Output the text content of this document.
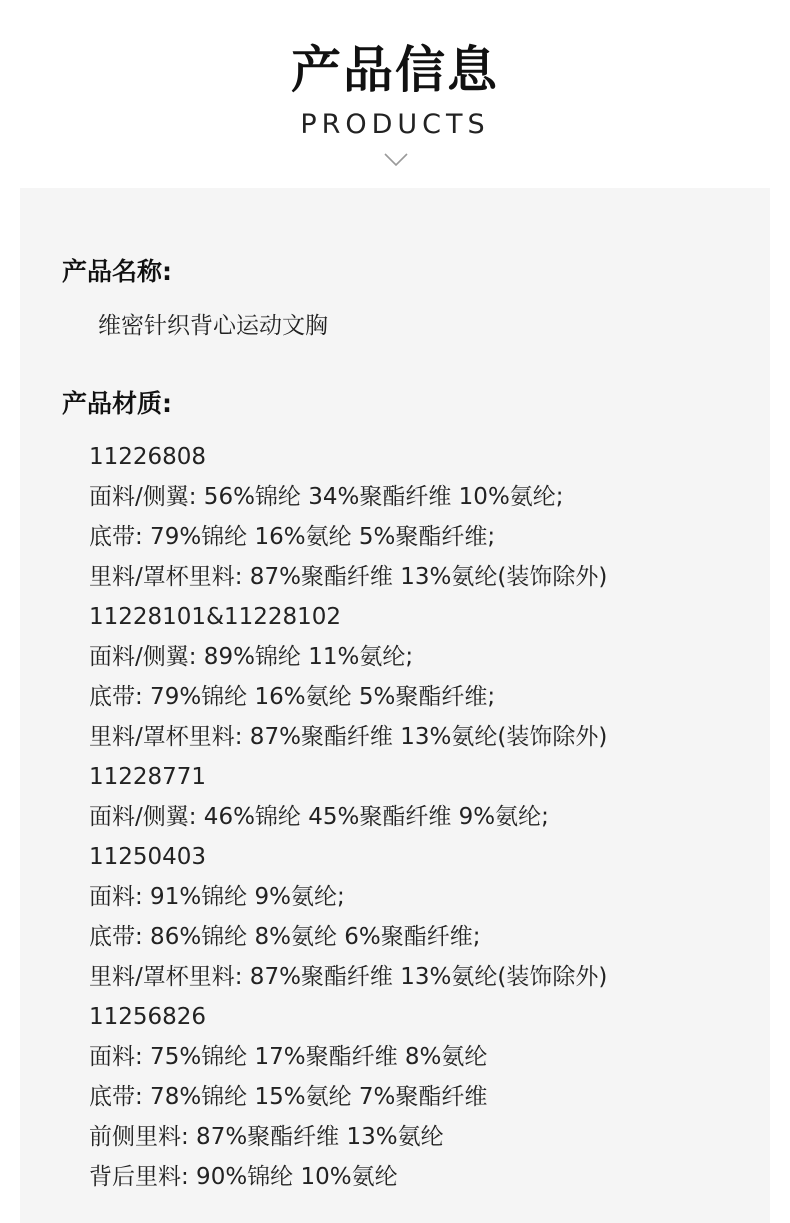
产品信息
PRODUCTS
产品名称:
维密针织背心运动文胸
产品材质:
11226808
面料/侧翼: 56%锦纶 34%聚酯纤维 10%氨纶;
底带: 79%锦纶 16%氨纶 5%聚酯纤维;
里料/罩杯里料: 87%聚酯纤维 13%氨纶(装饰除外)
11228101&11228102
面料/侧翼: 89%锦纶 11%氨纶;
底带: 79%锦纶 16%氨纶 5%聚酯纤维;
里料/罩杯里料: 87%聚酯纤维 13%氨纶(装饰除外)
11228771
面料/侧翼: 46%锦纶 45%聚酯纤维 9%氨纶;
11250403
面料: 91%锦纶 9%氨纶;
底带: 86%锦纶 8%氨纶 6%聚酯纤维;
里料/罩杯里料: 87%聚酯纤维 13%氨纶(装饰除外)
11256826
面料: 75%锦纶 17%聚酯纤维 8%氨纶
底带: 78%锦纶 15%氨纶 7%聚酯纤维
前侧里料: 87%聚酯纤维 13%氨纶
背后里料: 90%锦纶 10%氨纶
